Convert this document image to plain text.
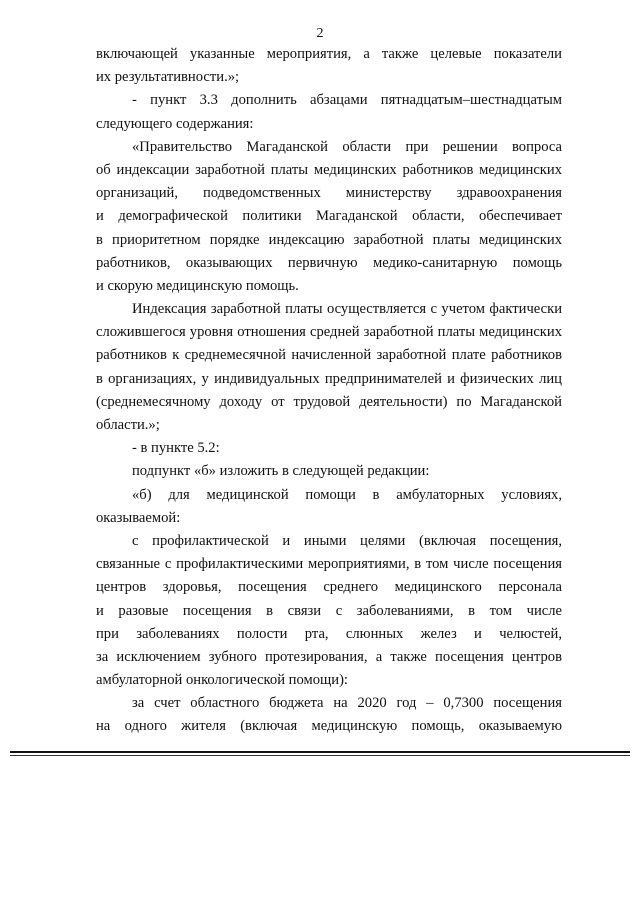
2
включающей указанные мероприятия, а также целевые показатели
их результативности.»;
- пункт 3.3 дополнить абзацами пятнадцатым–шестнадцатым
следующего содержания:
«Правительство Магаданской области при решении вопроса
об индексации заработной платы медицинских работников медицинских
организаций, подведомственных министерству здравоохранения
и демографической политики Магаданской области, обеспечивает
в приоритетном порядке индексацию заработной платы медицинских
работников, оказывающих первичную медико-санитарную помощь
и скорую медицинскую помощь.
Индексация заработной платы осуществляется с учетом фактически
сложившегося уровня отношения средней заработной платы медицинских
работников к среднемесячной начисленной заработной плате работников
в организациях, у индивидуальных предпринимателей и физических лиц
(среднемесячному доходу от трудовой деятельности) по Магаданской
области.»;
- в пункте 5.2:
подпункт «б» изложить в следующей редакции:
«б) для медицинской помощи в амбулаторных условиях,
оказываемой:
с профилактической и иными целями (включая посещения,
связанные с профилактическими мероприятиями, в том числе посещения
центров здоровья, посещения среднего медицинского персонала
и разовые посещения в связи с заболеваниями, в том числе
при заболеваниях полости рта, слюнных желез и челюстей,
за исключением зубного протезирования, а также посещения центров
амбулаторной онкологической помощи):
за счет областного бюджета на 2020 год – 0,7300 посещения
на одного жителя (включая медицинскую помощь, оказываемую
